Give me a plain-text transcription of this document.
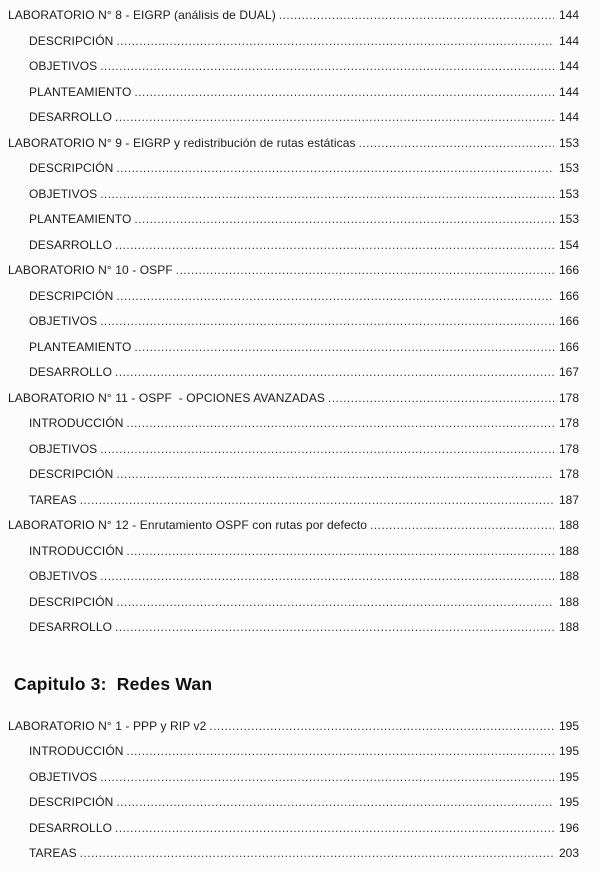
LABORATORIO N° 8 - EIGRP (análisis de DUAL) .....	144
DESCRIPCIÓN .....	144
OBJETIVOS .....	144
PLANTEAMIENTO .....	144
DESARROLLO .....	144
LABORATORIO N° 9 - EIGRP y redistribución de rutas estáticas .....	153
DESCRIPCIÓN .....	153
OBJETIVOS .....	153
PLANTEAMIENTO .....	153
DESARROLLO .....	154
LABORATORIO N° 10 - OSPF .....	166
DESCRIPCIÓN .....	166
OBJETIVOS .....	166
PLANTEAMIENTO .....	166
DESARROLLO .....	167
LABORATORIO N° 11 - OSPF  - OPCIONES AVANZADAS .....	178
INTRODUCCIÓN .....	178
OBJETIVOS .....	178
DESCRIPCIÓN .....	178
TAREAS .....	187
LABORATORIO N° 12 - Enrutamiento OSPF con rutas por defecto .....	188
INTRODUCCIÓN .....	188
OBJETIVOS .....	188
DESCRIPCIÓN .....	188
DESARROLLO .....	188
Capitulo 3:  Redes Wan
LABORATORIO N° 1 - PPP y RIP v2 .....	195
INTRODUCCIÓN .....	195
OBJETIVOS .....	195
DESCRIPCIÓN .....	195
DESARROLLO .....	196
TAREAS .....	203
